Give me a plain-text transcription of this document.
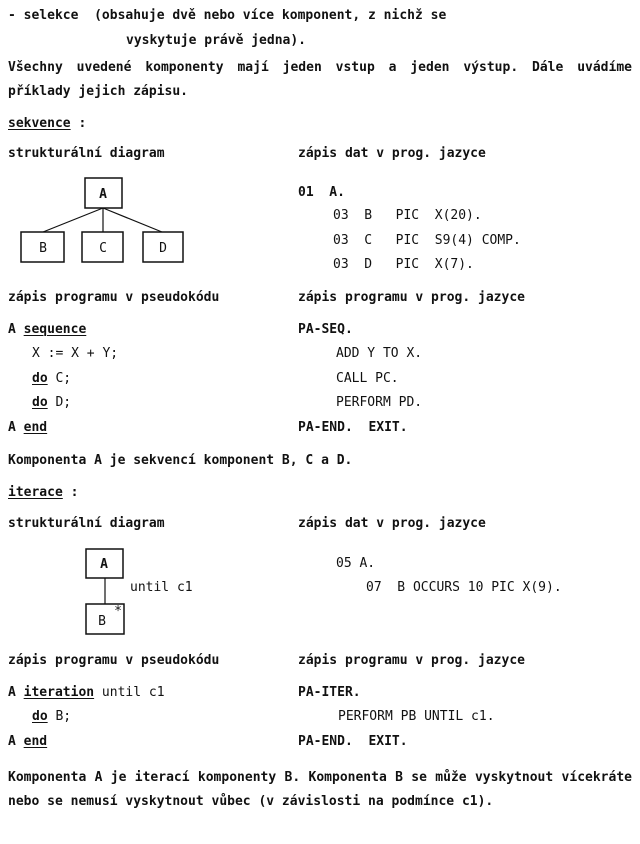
- selekce  (obsahuje dvě nebo více komponent, z nichž se
vyskytuje právě jedna).
Všechny uvedené komponenty mají jeden vstup a jeden výstup. Dále uvádíme příklady jejich zápisu.
sekvence :
strukturální diagram	zápis dat v prog. jazyce
A
B	C	D
A
B
*
01  A.
03  B   PIC  X(20).
03  C   PIC  S9(4) COMP.
03  D   PIC  X(7).
zápis programu v pseudokódu	zápis programu v prog. jazyce
A sequence
X := X + Y;
do C;
do D;
A end
PA-SEQ.
ADD Y TO X.
CALL PC.
PERFORM PD.
PA-END.  EXIT.
Komponenta A je sekvencí komponent B, C a D.
iterace :
strukturální diagram	zápis dat v prog. jazyce
until c1
05 A.
07  B OCCURS 10 PIC X(9).
zápis programu v pseudokódu	zápis programu v prog. jazyce
A iteration until c1
do B;
A end
PA-ITER.
PERFORM PB UNTIL c1.
PA-END.  EXIT.
Komponenta A je iterací komponenty B. Komponenta B se může vyskytnout vícekráte nebo se nemusí vyskytnout vůbec (v závislosti na podmínce c1).
